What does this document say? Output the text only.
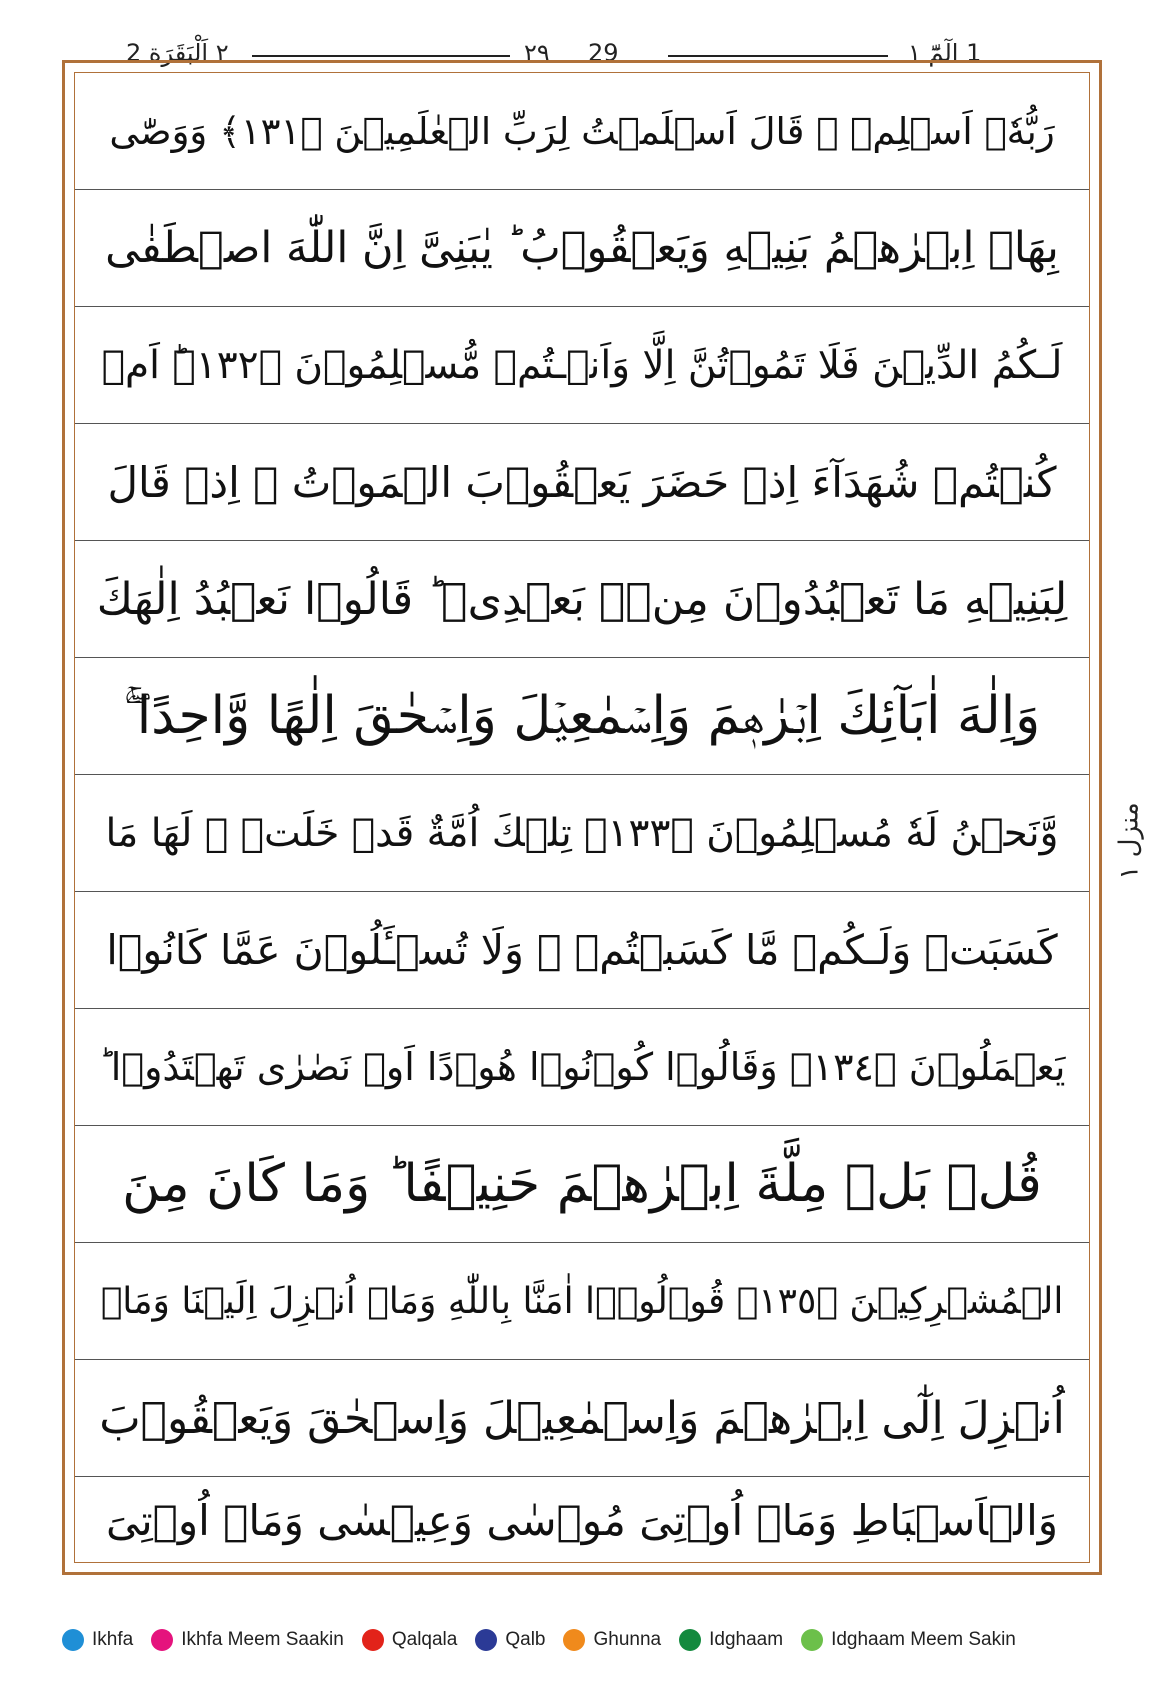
٢ اَلْبَقَرَة 2	٢٩ 29	1 الٓمّٓ ١
رَبُّهٗۤ اَسۡلِمۡ ۙ قَالَ اَسۡلَمۡتُ لِرَبِّ الۡعٰلَمِيۡنَ ﴿١٣١﴾ وَوَصّٰى
بِهَاۤ اِبۡرٰهٖمُ بَنِيۡهِ وَيَعۡقُوۡبُ ؕ يٰبَنِىَّ اِنَّ اللّٰهَ اصۡطَفٰى
لَـكُمُ الدِّيۡنَ فَلَا تَمُوۡتُنَّ اِلَّا وَاَنۡـتُمۡ مُّسۡلِمُوۡنَ ﴿١٣٢﴾ؕ اَمۡ
كُنۡتُمۡ شُهَدَآءَ اِذۡ حَضَرَ يَعۡقُوۡبَ الۡمَوۡتُ ۙ اِذۡ قَالَ
لِبَنِيۡهِ مَا تَعۡبُدُوۡنَ مِنۡۢ بَعۡدِىۡ ؕ قَالُوۡا نَعۡبُدُ اِلٰهَكَ
وَاِلٰهَ اٰبَآئِكَ اِبۡرٰهٖمَ وَاِسۡمٰعِيۡلَ وَاِسۡحٰقَ اِلٰهًا وَّاحِدًا ۚۖ
وَّنَحۡنُ لَهٗ مُسۡلِمُوۡنَ ﴿١٣٣﴾ تِلۡكَ اُمَّةٌ قَدۡ خَلَتۡ ۚ لَهَا مَا
كَسَبَتۡ وَلَـكُمۡ مَّا كَسَبۡتُمۡ ۚ وَلَا تُسۡـَٔلُوۡنَ عَمَّا كَانُوۡا
يَعۡمَلُوۡنَ ﴿١٣٤﴾ وَقَالُوۡا كُوۡنُوۡا هُوۡدًا اَوۡ نَصٰرٰى تَهۡتَدُوۡا ؕ
قُلۡ بَلۡ مِلَّةَ اِبۡرٰهٖمَ حَنِيۡفًا ؕ وَمَا كَانَ مِنَ
الۡمُشۡرِكِيۡنَ ﴿١٣٥﴾ قُوۡلُوۡۤا اٰمَنَّا بِاللّٰهِ وَمَاۤ اُنۡزِلَ اِلَيۡنَا وَمَاۤ
اُنۡزِلَ اِلٰٓى اِبۡرٰهٖمَ وَاِسۡمٰعِيۡلَ وَاِسۡحٰقَ وَيَعۡقُوۡبَ
وَالۡاَسۡبَاطِ وَمَاۤ اُوۡتِىَ مُوۡسٰى وَعِيۡسٰى وَمَاۤ اُوۡتِىَ
منزل ١
Ikhfa	Ikhfa Meem Saakin	Qalqala	Qalb	Ghunna	Idghaam	Idghaam Meem Sakin
